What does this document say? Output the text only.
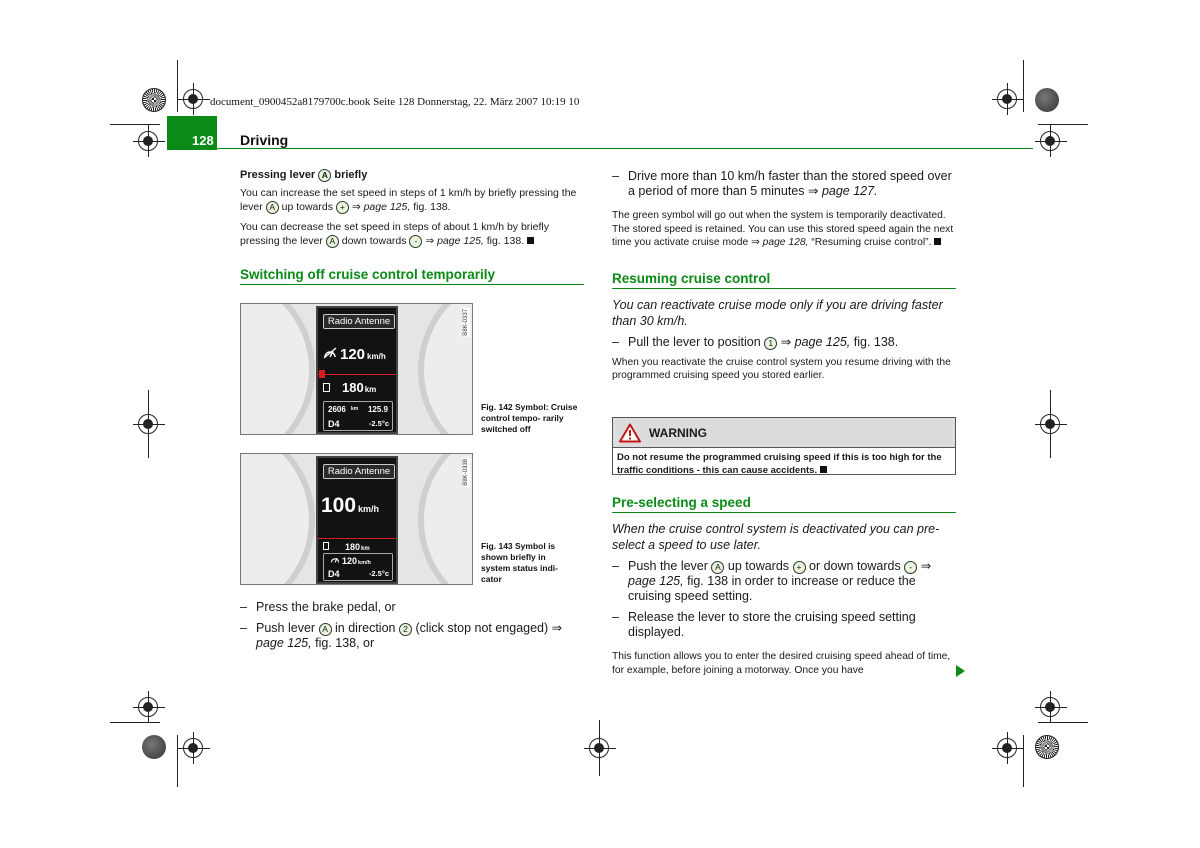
document_0900452a8179700c.book Seite 128 Donnerstag, 22. März 2007 10:19 10
128 Driving

Pressing lever A briefly

You can increase the set speed in steps of 1 km/h by briefly pressing the lever A up towards + ⇒ page 125, fig. 138.

You can decrease the set speed in steps of about 1 km/h by briefly pressing the lever A down towards - ⇒ page 125, fig. 138.

Switching off cruise control temporarily
Radio Antenne
120 km/h
180 km
2606 km 125.9
D4	-2.5°c
B8K-0337
Fig. 142 Symbol: Cruise control tempo- rarily switched off
Radio Antenne
100 km/h
180 km
120 km/h
D4	-2.5°c
B8K-0338
Fig. 143 Symbol is shown briefly in system status indi- cator

– Press the brake pedal, or

– Push lever A in direction 2 (click stop not engaged) ⇒ page 125, fig. 138, or

– Drive more than 10 km/h faster than the stored speed over a period of more than 5 minutes ⇒ page 127.

The green symbol will go out when the system is temporarily deactivated. The stored speed is retained. You can use this stored speed again the next time you activate cruise mode ⇒ page 128, “Resuming cruise control”.

Resuming cruise control

You can reactivate cruise mode only if you are driving faster than 30 km/h.

– Pull the lever to position 1 ⇒ page 125, fig. 138.

When you reactivate the cruise control system you resume driving with the programmed cruising speed you stored earlier.

WARNING
Do not resume the programmed cruising speed if this is too high for the traffic conditions - this can cause accidents.
Pre-selecting a speed

When the cruise control system is deactivated you can pre-select a speed to use later.

– Push the lever A up towards + or down towards - ⇒ page 125, fig. 138 in order to increase or reduce the cruising speed setting.

– Release the lever to store the cruising speed setting displayed.

This function allows you to enter the desired cruising speed ahead of time, for example, before joining a motorway. Once you have
